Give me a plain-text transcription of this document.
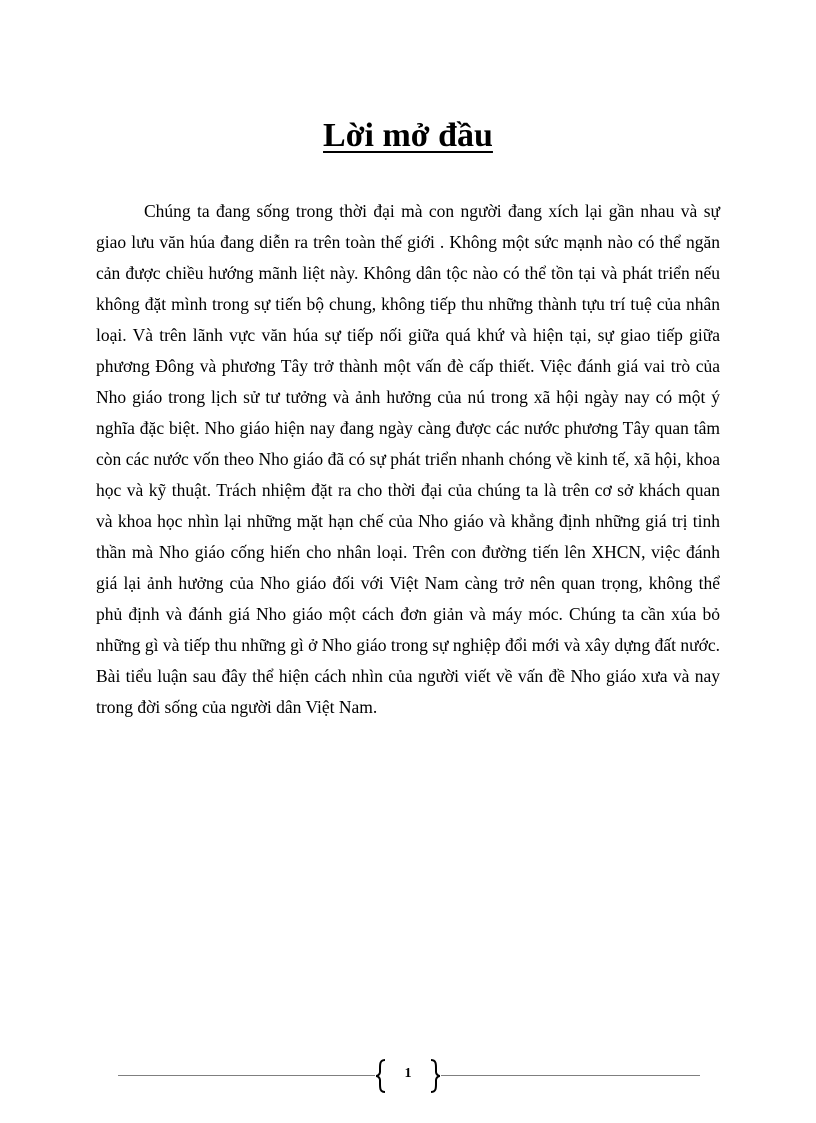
Lời mở đầu

Chúng ta đang sống trong thời đại mà con người đang xích lại gần nhau và sự giao lưu văn húa đang diễn ra trên toàn thế giới . Không một sức mạnh nào có thể ngăn cản được chiều hướng mãnh liệt này. Không dân tộc nào có thể tồn tại và phát triển nếu không đặt mình trong sự tiến bộ chung, không tiếp thu những thành tựu trí tuệ của nhân loại. Và trên lãnh vực văn húa sự tiếp nối giữa quá khứ và hiện tại, sự giao tiếp giữa phương Đông và phương Tây trở thành một vấn đè cấp thiết. Việc đánh giá vai trò của Nho giáo trong lịch sử tư tưởng và ảnh hưởng của nú trong xã hội ngày nay có một ý nghĩa đặc biệt. Nho giáo hiện nay đang ngày càng được các nước phương Tây quan tâm còn các nước vốn theo Nho giáo đã có sự phát triển nhanh chóng về kinh tế, xã hội, khoa học và kỹ thuật. Trách nhiệm đặt ra cho thời đại của chúng ta là trên cơ sở khách quan và khoa học nhìn lại những mặt hạn chế của Nho giáo và khẳng định những giá trị tinh thần mà Nho giáo cống hiến cho nhân loại. Trên con đường tiến lên XHCN, việc đánh giá lại ảnh hưởng của Nho giáo đối với Việt Nam càng trở nên quan trọng, không thể phủ định và đánh giá Nho giáo một cách đơn giản và máy móc. Chúng ta cần xúa bỏ những gì và tiếp thu những gì ở Nho giáo trong sự nghiệp đổi mới và xây dựng đất nước. Bài tiểu luận sau đây thể hiện cách nhìn của người viết về vấn đề Nho giáo xưa và nay trong đời sống của người dân Việt Nam.

1
